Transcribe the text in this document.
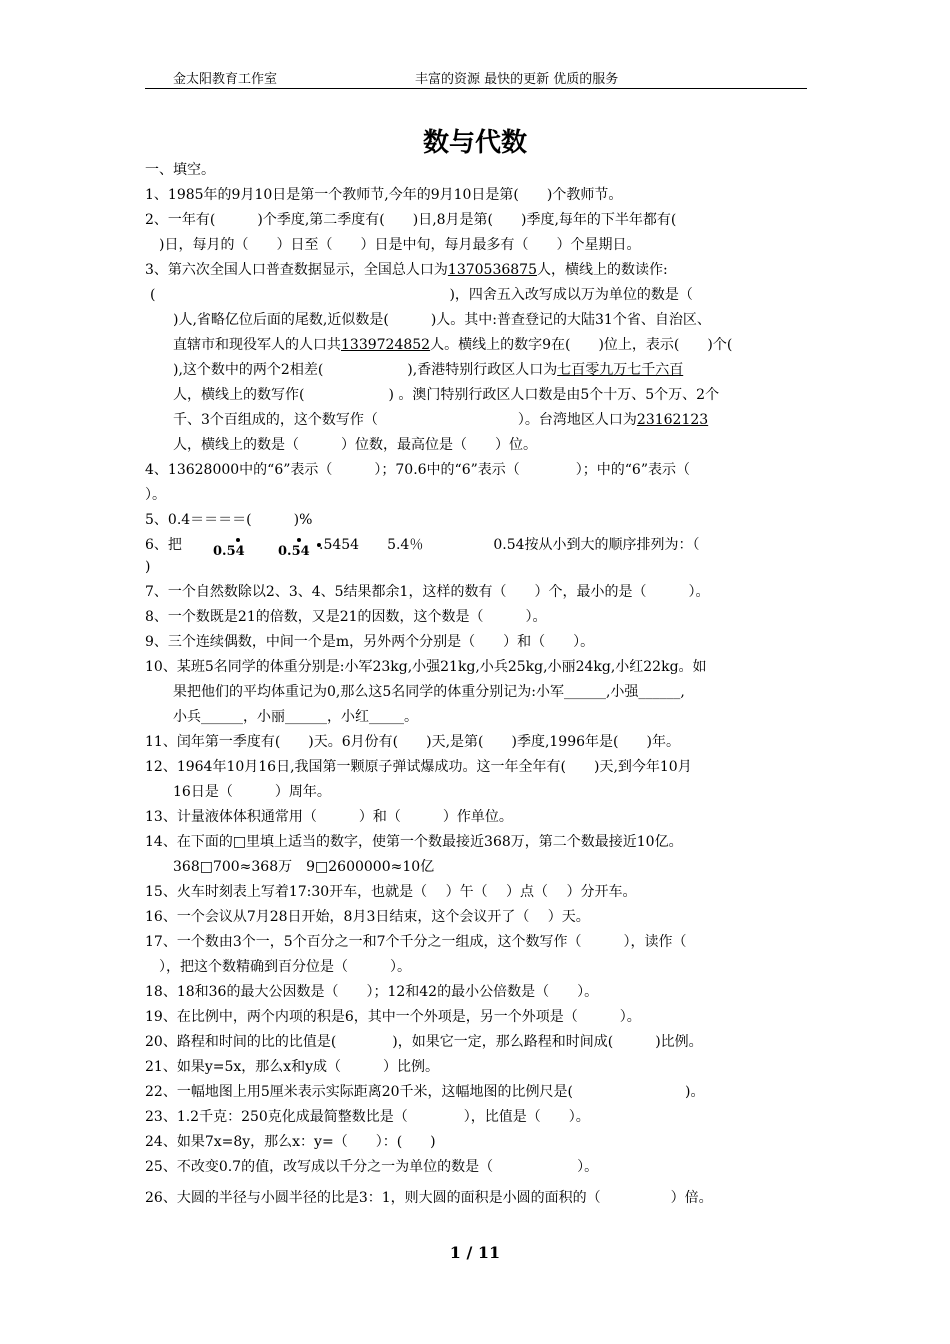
金太阳教育工作室	丰富的资源 最快的更新 优质的服务
数与代数
一、填空。
1、1985年的9月10日是第一个教师节,今年的9月10日是第(　　)个教师节。
2、一年有(　　　)个季度,第二季度有(　　)日,8月是第(　　)季度,每年的下半年都有(
　)日，每月的（　　）日至（　　）日是中旬，每月最多有（　　）个星期日。
3、第六次全国人口普查数据显示，全国总人口为1370536875人，横线上的数读作:
(　　　　　　　　　　　　　　　　　　　　　)，四舍五入改写成以万为单位的数是（
)人,省略亿位后面的尾数,近似数是(　　　)人。其中:普查登记的大陆31个省、自治区、
直辖市和现役军人的人口共1339724852人。横线上的数字9在(　　)位上，表示(　　)个(
),这个数中的两个2相差(　　　　　　),香港特别行政区人口为七百零九万七千六百
人，横线上的数写作(　　　　　　) 。澳门特别行政区人口数是由5个十万、5个万、2个
千、3个百组成的，这个数写作（　　　　　　　　　　）。台湾地区人口为23162123
人，横线上的数是（　　　）位数，最高位是（　　）位。
4、13628000中的“6”表示（　　　）；70.6中的“6”表示（　　　　）；中的“6”表示（
）。
5、0.4＝＝＝＝(　　　)%
6、把 0.54	0.54 .5454　　5.4％　　　　　0.54按从小到大的顺序排列为：（
)
7、一个自然数除以2、3、4、5结果都余1，这样的数有（　　）个，最小的是（　　　）。
8、一个数既是21的倍数，又是21的因数，这个数是（　　　）。
9、三个连续偶数，中间一个是m，另外两个分别是（　　）和（　　）。
10、某班5名同学的体重分别是:小军23kg,小强21kg,小兵25kg,小丽24kg,小红22kg。如
果把他们的平均体重记为0,那么这5名同学的体重分别记为:小军______,小强______,
小兵______，小丽______，小红_____。
11、闰年第一季度有(　　)天。6月份有(　　)天,是第(　　)季度,1996年是(　　)年。
12、1964年10月16日,我国第一颗原子弹试爆成功。这一年全年有(　　)天,到今年10月
16日是（　　　）周年。
13、计量液体体积通常用（　　　）和（　　　）作单位。
14、在下面的□里填上适当的数字，使第一个数最接近368万，第二个数最接近10亿。
368□700≈368万　9□2600000≈10亿
15、火车时刻表上写着17:30开车，也就是（　 ）午（　 ）点（　 ）分开车。
16、一个会议从7月28日开始，8月3日结束，这个会议开了（　 ）天。
17、一个数由3个一，5个百分之一和7个千分之一组成，这个数写作（　　　），读作（
　），把这个数精确到百分位是（　　　）。
18、18和36的最大公因数是（　　）；12和42的最小公倍数是（　　）。
19、在比例中，两个内项的积是6，其中一个外项是，另一个外项是（　　　）。
20、路程和时间的比的比值是(　　　　)，如果它一定，那么路程和时间成(　　　)比例。
21、如果y=5x，那么x和y成（　　　）比例。
22、一幅地图上用5厘米表示实际距离20千米，这幅地图的比例尺是(　　　　　　　　)。
23、1.2千克：250克化成最简整数比是（　　　　），比值是（　　）。
24、如果7x=8y，那么x：y=（　　）：(　　)
25、不改变0.7的值，改写成以千分之一为单位的数是（　　　　　　）。
26、大圆的半径与小圆半径的比是3：1，则大圆的面积是小圆的面积的（　　　　　）倍。
1 / 11
